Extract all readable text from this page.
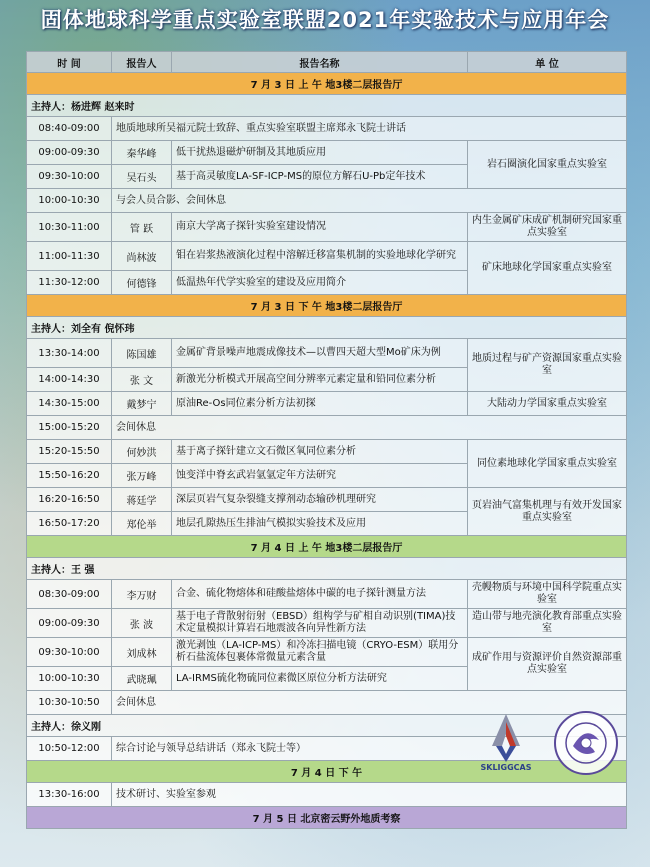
固体地球科学重点实验室联盟2021年实验技术与应用年会
时 间	报告人	报告名称	单 位
7 月 3 日 上 午 地3楼二层报告厅			
主持人：杨进辉 赵来时			
08:40-09:00	地质地球所吴福元院士致辞、重点实验室联盟主席郑永飞院士讲话		
09:00-09:30	秦华峰	低干扰热退磁炉研制及其地质应用	岩石圈演化国家重点实验室
09:30-10:00	吴石头	基于高灵敏度LA-SF-ICP-MS的原位方解石U-Pb定年技术	
10:00-10:30	与会人员合影、会间休息		
10:30-11:00	管 跃	南京大学离子探针实验室建设情况	内生金属矿床成矿机制研究国家重点实验室
11:00-11:30	尚林波	钼在岩浆热液演化过程中溶解迁移富集机制的实验地球化学研究	矿床地球化学国家重点实验室
11:30-12:00	何德锋	低温热年代学实验室的建设及应用简介	
7 月 3 日 下 午 地3楼二层报告厅			
主持人：刘全有 倪怀玮			
13:30-14:00	陈国雄	金属矿背景噪声地震成像技术—以曹四天超大型Mo矿床为例	地质过程与矿产资源国家重点实验室
14:00-14:30	张 文	新激光分析模式开展高空间分辨率元素定量和铅同位素分析	
14:30-15:00	戴梦宁	原油Re-Os同位素分析方法初探	大陆动力学国家重点实验室
15:00-15:20	会间休息		
15:20-15:50	何妙洪	基于离子探针建立文石微区氧同位素分析	同位素地球化学国家重点实验室
15:50-16:20	张万峰	蚀变洋中脊玄武岩氩氩定年方法研究	
16:20-16:50	蒋廷学	深层页岩气复杂裂缝支撑剂动态输砂机理研究	页岩油气富集机理与有效开发国家重点实验室
16:50-17:20	郑伦举	地层孔隙热压生排油气模拟实验技术及应用	
7 月 4 日 上 午 地3楼二层报告厅			
主持人：王 强			
08:30-09:00	李万财	合金、硫化物熔体和硅酸盐熔体中碳的电子探针测量方法	壳幔物质与环境中国科学院重点实验室
09:00-09:30	张 波	基于电子背散射衍射（EBSD）组构学与矿相自动识别(TIMA)技术定量模拟计算岩石地震波各向异性新方法	造山带与地壳演化教育部重点实验室
09:30-10:00	刘成林	激光剥蚀（LA-ICP-MS）和冷冻扫描电镜（CRYO-ESM）联用分析石盐流体包裹体常微量元素含量	成矿作用与资源评价自然资源部重点实验室
10:00-10:30	武晓珮	LA-IRMS硫化物硫同位素微区原位分析方法研究	
10:30-10:50	会间休息		
主持人：徐义刚			
10:50-12:00	综合讨论与领导总结讲话（郑永飞院士等）		
7 月 4 日 下 午			
13:30-16:00	技术研讨、实验室参观		
7 月 5 日 北京密云野外地质考察			
SKLIGGCAS
